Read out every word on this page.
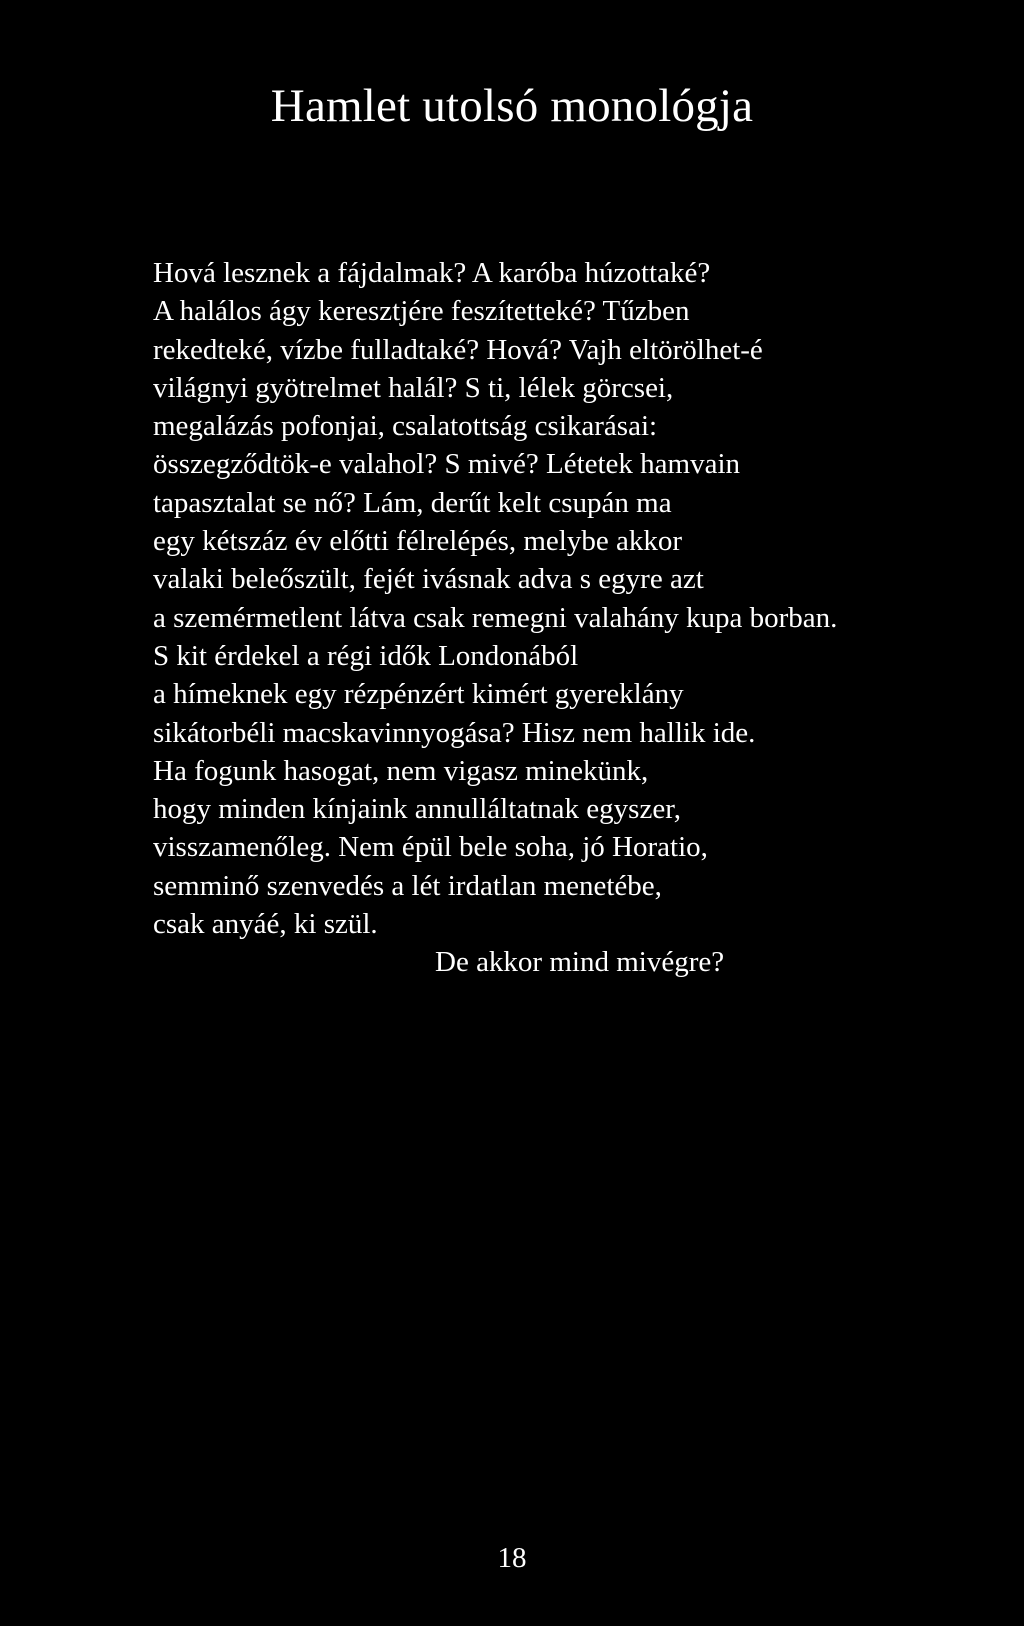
Hamlet utolsó monológja
Hová lesznek a fájdalmak? A karóba húzottaké?
A halálos ágy keresztjére feszítetteké? Tűzben
rekedteké, vízbe fulladtaké? Hová? Vajh eltörölhet-é
világnyi gyötrelmet halál? S ti, lélek görcsei,
megalázás pofonjai, csalatottság csikarásai:
összegződtök-e valahol? S mivé? Létetek hamvain
tapasztalat se nő? Lám, derűt kelt csupán ma
egy kétszáz év előtti félrelépés, melybe akkor
valaki beleőszült, fejét ivásnak adva s egyre azt
a szemérmetlent látva csak remegni valahány kupa borban.
S kit érdekel a régi idők Londonából
a hímeknek egy rézpénzért kimért gyereklány
sikátorbéli macskavinnyogása? Hisz nem hallik ide.
Ha fogunk hasogat, nem vigasz minekünk,
hogy minden kínjaink annulláltatnak egyszer,
visszamenőleg. Nem épül bele soha, jó Horatio,
semminő szenvedés a lét irdatlan menetébe,
csak anyáé, ki szül.
De akkor mind mivégre?
18
